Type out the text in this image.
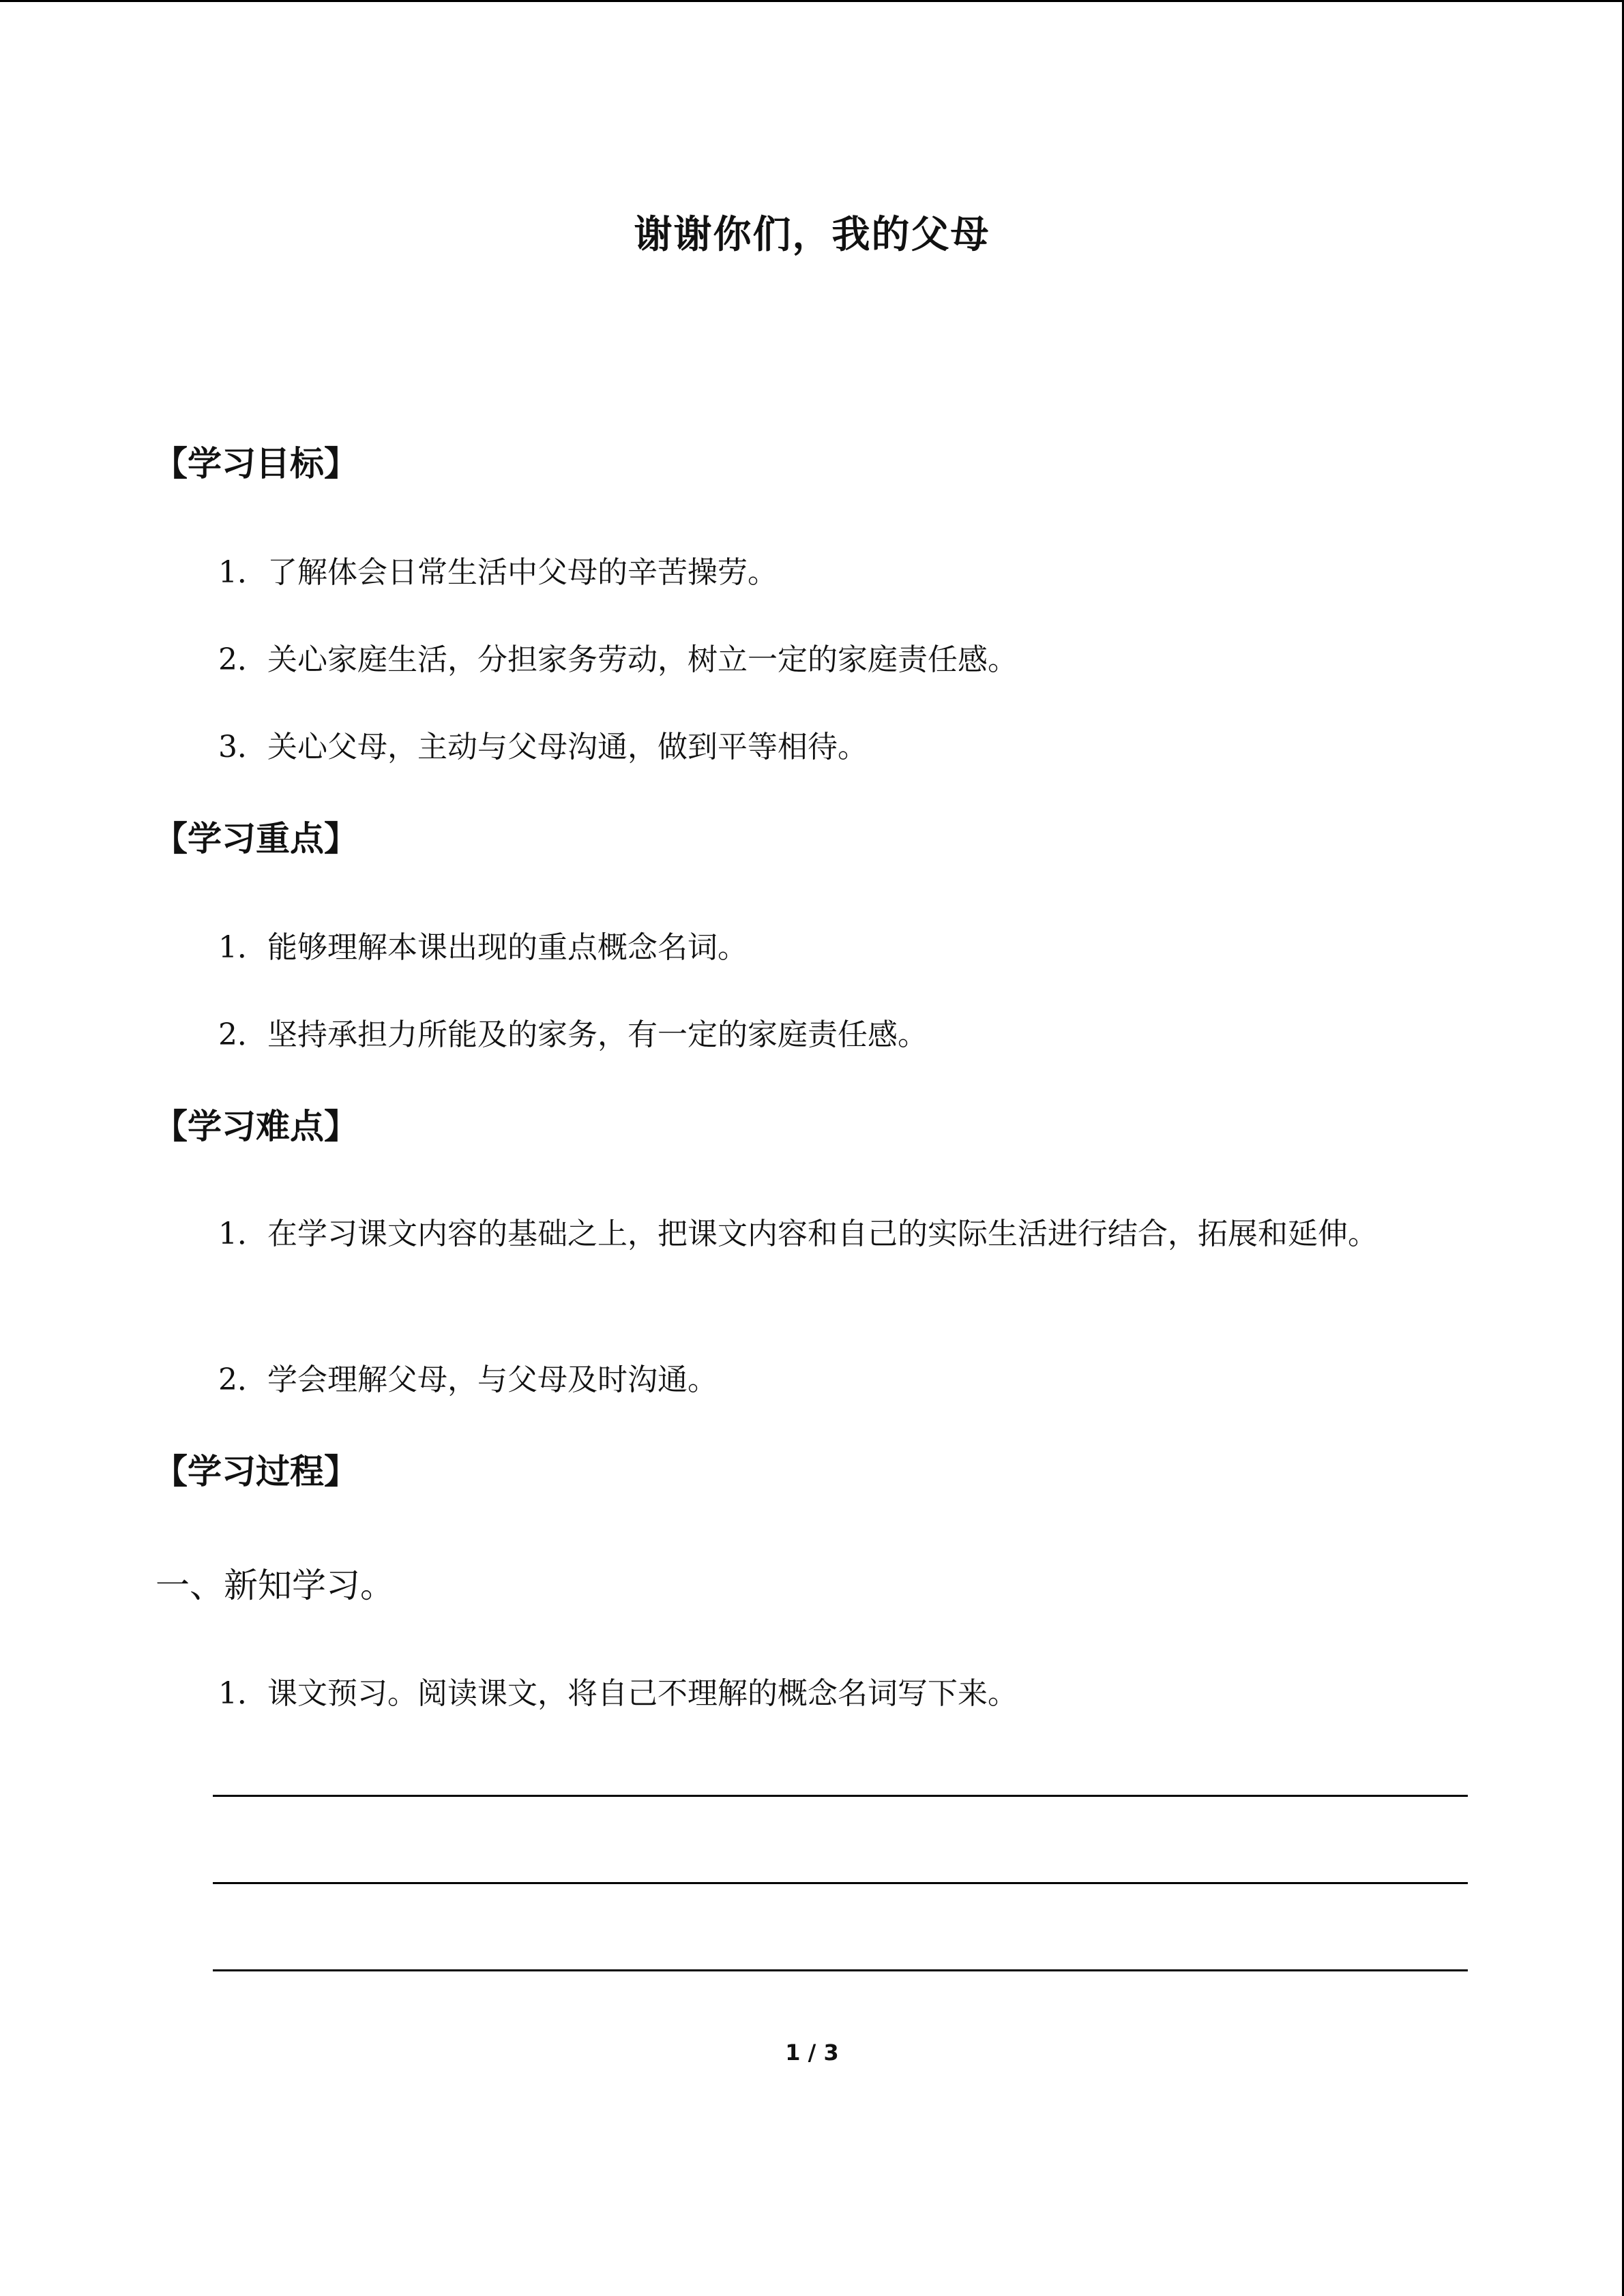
谢谢你们，我的父母
【学习目标】
1．了解体会日常生活中父母的辛苦操劳。
2．关心家庭生活，分担家务劳动，树立一定的家庭责任感。
3．关心父母，主动与父母沟通，做到平等相待。
【学习重点】
1．能够理解本课出现的重点概念名词。
2．坚持承担力所能及的家务，有一定的家庭责任感。
【学习难点】
1．在学习课文内容的基础之上，把课文内容和自己的实际生活进行结合，拓展和延伸。
2．学会理解父母，与父母及时沟通。
【学习过程】
一、新知学习。
1．课文预习。阅读课文，将自己不理解的概念名词写下来。
1 / 3
